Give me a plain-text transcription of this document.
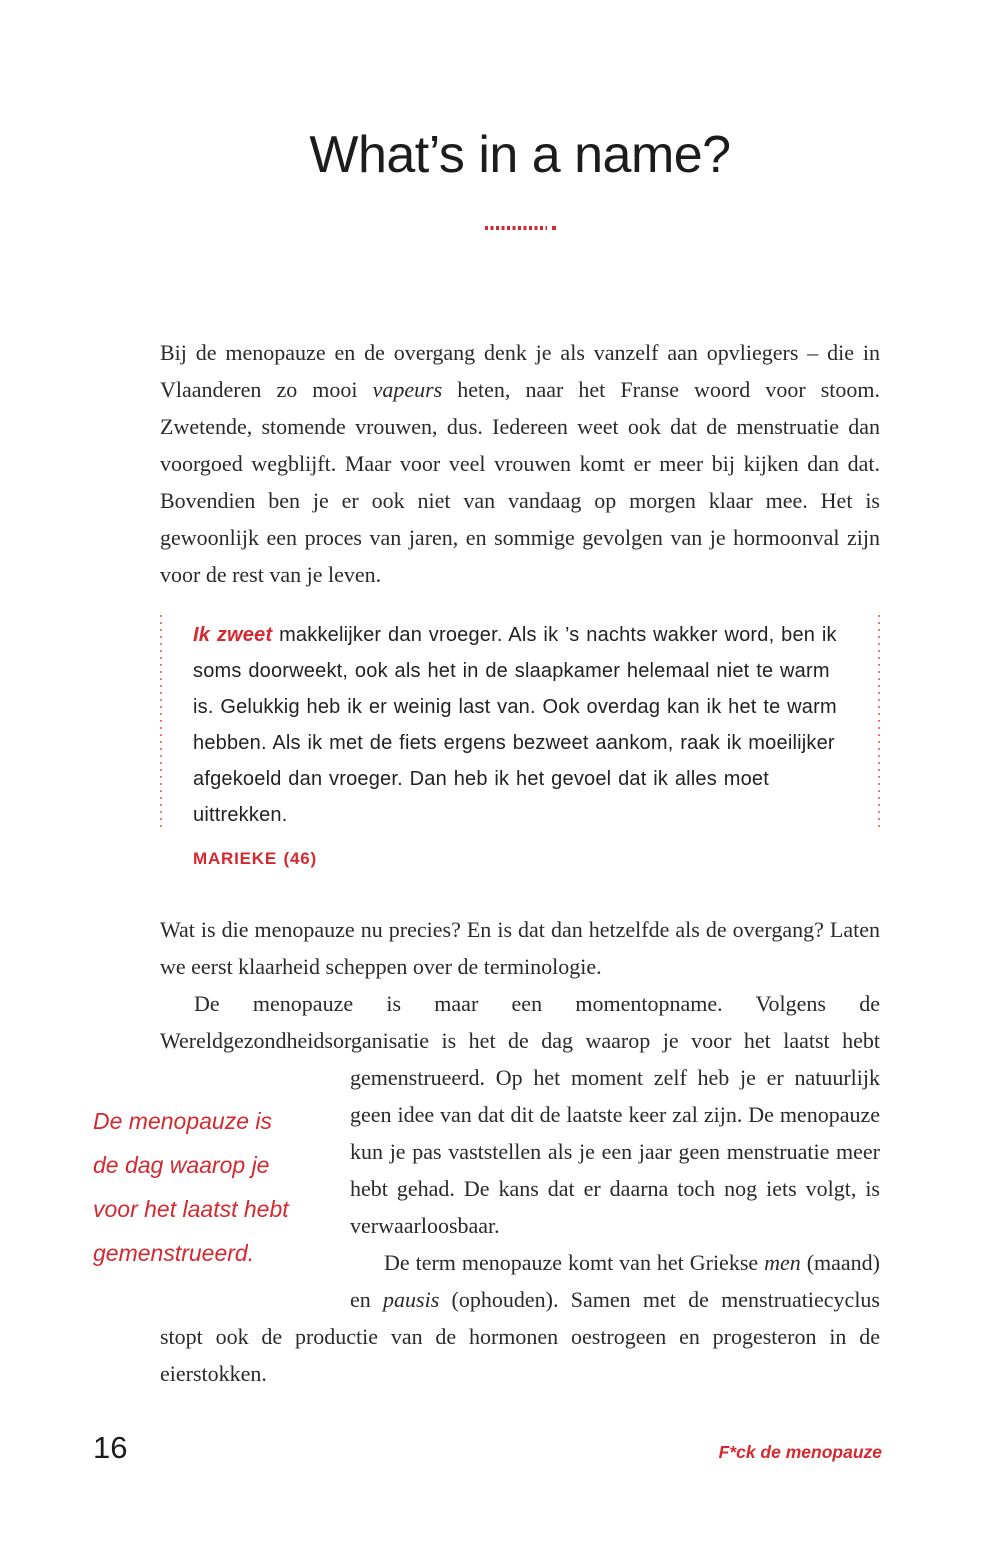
What’s in a name?

Bij de menopauze en de overgang denk je als vanzelf aan opvliegers – die in Vlaanderen zo mooi vapeurs heten, naar het Franse woord voor stoom. Zwetende, stomende vrouwen, dus. Iedereen weet ook dat de menstruatie dan voorgoed wegblijft. Maar voor veel vrouwen komt er meer bij kijken dan dat. Bovendien ben je er ook niet van vandaag op morgen klaar mee. Het is gewoonlijk een proces van jaren, en sommige gevolgen van je hormoonval zijn voor de rest van je leven.

Ik zweet makkelijker dan vroeger. Als ik ’s nachts wakker word, ben ik soms doorweekt, ook als het in de slaapkamer helemaal niet te warm is. Gelukkig heb ik er weinig last van. Ook overdag kan ik het te warm hebben. Als ik met de fiets ergens bezweet aankom, raak ik moeilijker afgekoeld dan vroeger. Dan heb ik het gevoel dat ik alles moet uittrekken.
MARIEKE (46)

Wat is die menopauze nu precies? En is dat dan hetzelfde als de overgang? Laten we eerst klaarheid scheppen over de terminologie.

De menopauze is maar een momentopname. Volgens de Wereldgezondheidsorganisatie is het de dag waarop je voor het laatst hebt
De menopauze is
de dag waarop je
voor het laatst hebt
gemenstrueerd.
gemenstrueerd. Op het moment zelf heb je er natuurlijk geen idee van dat dit de laatste keer zal zijn. De menopauze kun je pas vaststellen als je een jaar geen menstruatie meer hebt gehad. De kans dat er daarna toch nog iets volgt, is verwaarloosbaar.

De term menopauze komt van het Griekse men (maand) en pausis (ophouden). Samen met de menstruatiecyclus stopt ook de productie van de hormonen oestrogeen en progesteron in de eierstokken.

16	F*ck de menopauze
